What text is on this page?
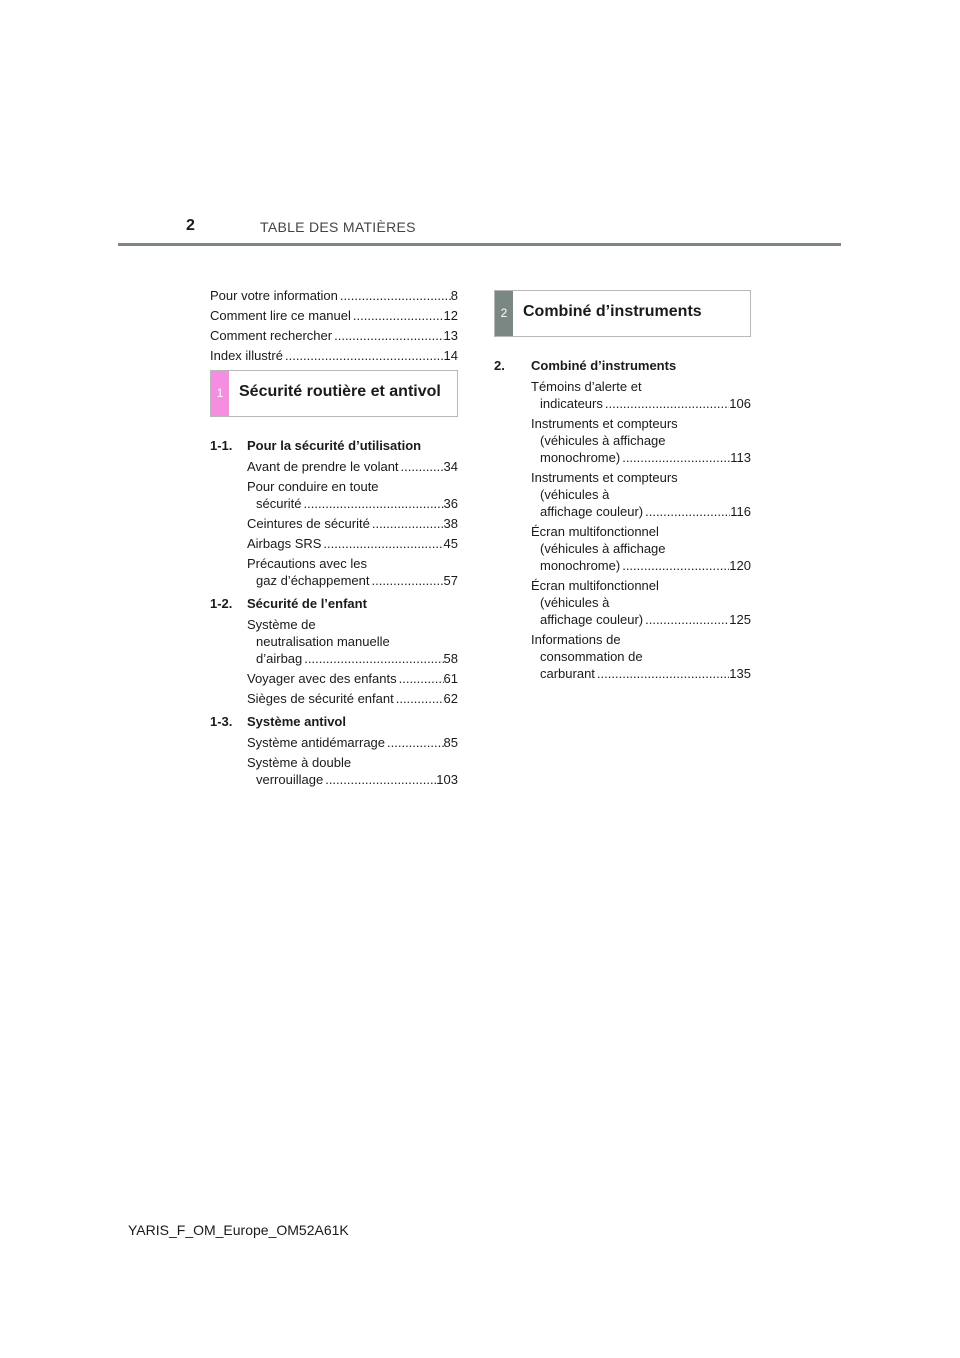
2	TABLE DES MATIÈRES
Pour votre information .....	8
Comment lire ce manuel .....	12
Comment rechercher .....	13
Index illustré .....	14
1 Sécurité routière et antivol
1-1.	Pour la sécurité d’utilisation
Avant de prendre le volant .....	34
Pour conduire en toute
sécurité .....	36
Ceintures de sécurité .....	38
Airbags SRS .....	45
Précautions avec les
gaz d’échappement .....	57
1-2.	Sécurité de l’enfant
Système de
neutralisation manuelle
d’airbag .....	58
Voyager avec des enfants .....	61
Sièges de sécurité enfant .....	62
1-3.	Système antivol
Système antidémarrage .....	85
Système à double
verrouillage .....	103
2 Combiné d’instruments
2.	Combiné d’instruments
Témoins d’alerte et
indicateurs .....	106
Instruments et compteurs
(véhicules à affichage
monochrome) .....	113
Instruments et compteurs
(véhicules à
affichage couleur) .....	116
Écran multifonctionnel
(véhicules à affichage
monochrome) .....	120
Écran multifonctionnel
(véhicules à
affichage couleur) .....	125
Informations de
consommation de
carburant .....	135
YARIS_F_OM_Europe_OM52A61K
